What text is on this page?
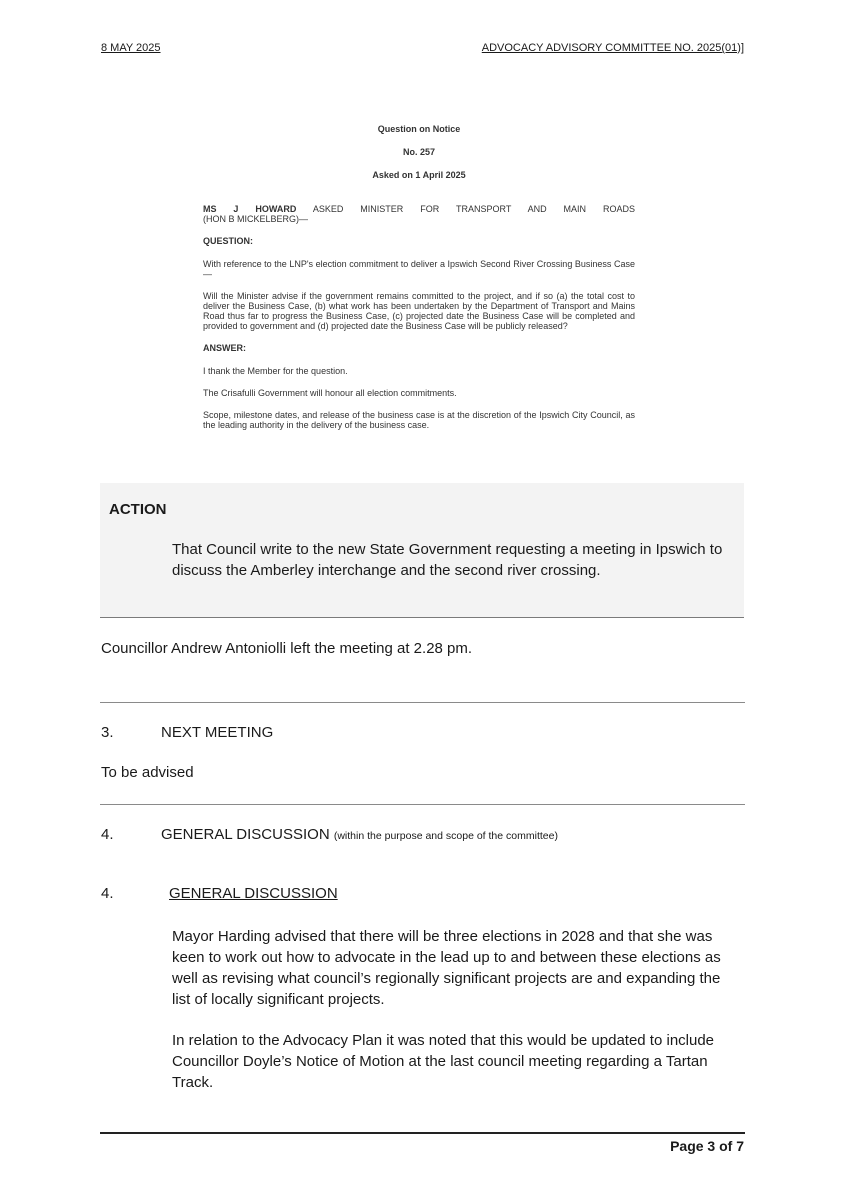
8 MAY 2025	ADVOCACY ADVISORY COMMITTEE NO. 2025(01)]
Question on Notice
No. 257
Asked on 1 April 2025
MS J HOWARD ASKED MINISTER FOR TRANSPORT AND MAIN ROADS
(HON B MICKELBERG)—
QUESTION:

With reference to the LNP's election commitment to deliver a Ipswich Second River Crossing Business Case—

Will the Minister advise if the government remains committed to the project, and if so (a) the total cost to deliver the Business Case, (b) what work has been undertaken by the Department of Transport and Mains Road thus far to progress the Business Case, (c) projected date the Business Case will be completed and provided to government and (d) projected date the Business Case will be publicly released?

ANSWER:

I thank the Member for the question.

The Crisafulli Government will honour all election commitments.

Scope, milestone dates, and release of the business case is at the discretion of the Ipswich City Council, as the leading authority in the delivery of the business case.

ACTION
That Council write to the new State Government requesting a meeting in Ipswich to discuss the Amberley interchange and the second river crossing.
Councillor Andrew Antoniolli left the meeting at 2.28 pm.
3.	NEXT MEETING
To be advised
4.	GENERAL DISCUSSION (within the purpose and scope of the committee)
4.	GENERAL DISCUSSION
Mayor Harding advised that there will be three elections in 2028 and that she was keen to work out how to advocate in the lead up to and between these elections as well as revising what council’s regionally significant projects are and expanding the list of locally significant projects.
In relation to the Advocacy Plan it was noted that this would be updated to include Councillor Doyle’s Notice of Motion at the last council meeting regarding a Tartan Track.
Page 3 of 7
